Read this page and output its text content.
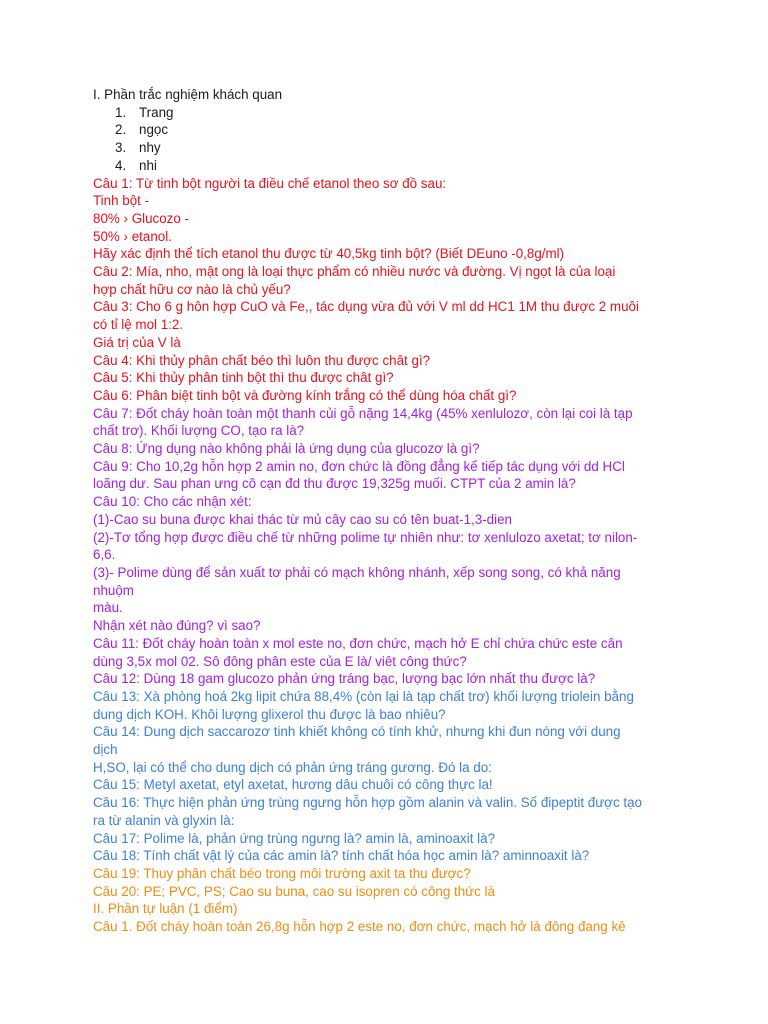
I. Phần trắc nghiệm khách quan
1. Trang
2. ngọc
3. nhy
4. nhi
Câu 1: Từ tinh bột người ta điều chế etanol theo sơ đồ sau:
Tinh bột -
80% › Glucozo -
50% › etanol.
Hãy xác định thể tích etanol thu được từ 40,5kg tinh bột? (Biết DEuno -0,8g/ml)
Câu 2: Mía, nho, mật ong là loại thực phẩm có nhiều nước và đường. Vị ngọt là của loại
hợp chất hữu cơ nào là chủ yếu?
Câu 3: Cho 6 g hôn hợp CuO và Fe,, tác dụng vừa đủ với V ml dd HC1 1M thu được 2 muôi
có tỉ lệ mol 1:2.
Giá trị của V là
Câu 4: Khi thủy phân chất béo thì luôn thu được chât gì?
Câu 5: Khi thủy phân tinh bột thì thu được chât gì?
Câu 6: Phân biệt tinh bột và đường kính trắng có thể dùng hóa chất gì?
Câu 7: Đốt cháy hoàn toàn một thanh củi gỗ nặng 14,4kg (45% xenlulozơ, còn lại coi là tạp
chất trơ). Khối lượng CO, tạo ra là?
Câu 8: Ứng dụng nào không phải là ứng dụng của glucozơ là gì?
Câu 9: Cho 10,2g hỗn hợp 2 amin no, đơn chức là đồng đẳng kế tiếp tác dụng với dd HCl
loãng dư. Sau phan ưng cô cạn đd thu được 19,325g muối. CTPT của 2 amin là?
Câu 10: Cho các nhận xét:
(1)-Cao su buna được khai thác từ mủ cây cao su có tên buat-1,3-dien
(2)-Tơ tổng hợp được điều chế từ những polime tự nhiên như: tơ xenlulozo axetat; tơ nilon-
6,6.
(3)- Polime dùng để sản xuất tơ phải có mạch không nhánh, xếp song song, có khả năng
nhuộm
màu.
Nhận xét nào đúng? vì sao?
Câu 11: Đốt cháy hoàn toàn x mol este no, đơn chức, mạch hở E chỉ chứa chức este cân
dùng 3,5x mol 02. Sô đông phân este của E là/ viêt công thức?
Câu 12: Dùng 18 gam glucozo phản ứng tráng bạc, lượng bạc lớn nhất thu được là?
Câu 13: Xà phòng hoá 2kg lipit chứa 88,4% (còn lại là tạp chất trơ) khối lượng triolein bằng
dung dịch KOH. Khôi lượng glixerol thu được là bao nhiêu?
Câu 14: Dung dịch saccarozơ tinh khiết không có tính khử, nhưng khi đun nóng với dung
dịch
H,SO, lại có thể cho dung dịch có phản ứng tráng gương. Đó la do:
Câu 15: Metyl axetat, etyl axetat, hương dâu chuôi có công thực la!
Câu 16: Thực hiện phản ứng trùng ngưng hỗn hợp gồm alanin và valin. Số đipeptit được tạo
ra từ alanin và glyxin là:
Câu 17: Polime là, phản ứng trùng ngưng là? amin là, aminoaxit là?
Câu 18: Tính chất vật lý của các amin là? tính chất hóa học amin là? aminnoaxit là?
Câu 19: Thuy phân chất béo trong môi trường axit ta thu được?
Câu 20: PE; PVC, PS; Cao su buna, cao su isopren có công thức là
II. Phần tự luận (1 điểm)
Câu 1. Đốt cháy hoàn toàn 26,8g hỗn hợp 2 este no, đơn chức, mạch hở là đông đang kê
